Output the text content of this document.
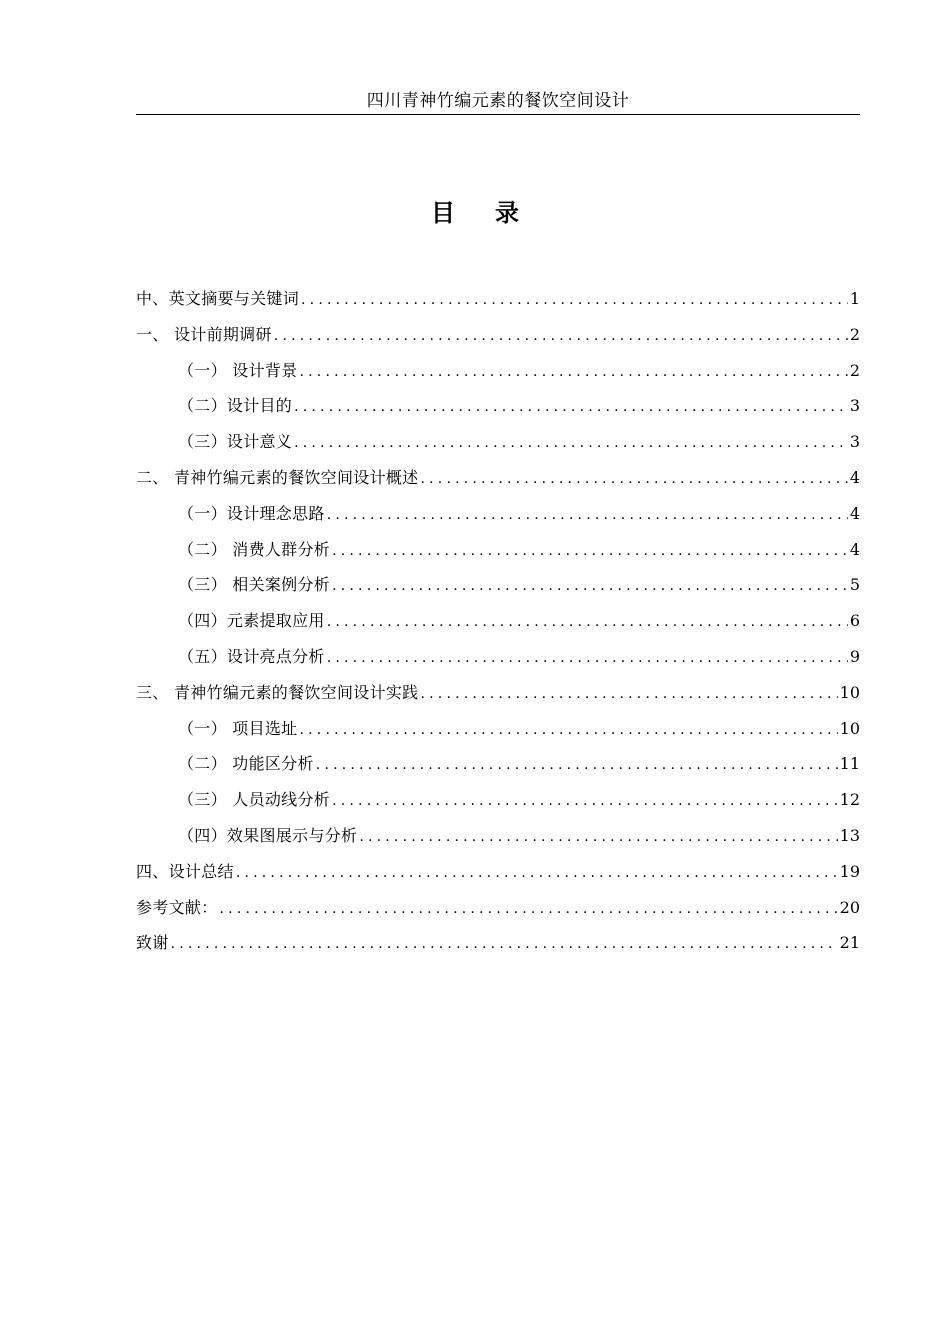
四川青神竹编元素的餐饮空间设计
目录
中、英文摘要与关键词 .....	1
一、 设计前期调研 .....	2
（一） 设计背景 .....	2
（二）设计目的 .....	3
（三）设计意义 .....	3
二、 青神竹编元素的餐饮空间设计概述 .....	4
（一）设计理念思路 .....	4
（二） 消费人群分析 .....	4
（三） 相关案例分析 .....	5
（四）元素提取应用 .....	6
（五）设计亮点分析 .....	9
三、 青神竹编元素的餐饮空间设计实践 .....	10
（一） 项目选址 .....	10
（二） 功能区分析 .....	11
（三） 人员动线分析 .....	12
（四）效果图展示与分析 .....	13
四、设计总结 .....	19
参考文献： .....	20
致谢 .....	21
